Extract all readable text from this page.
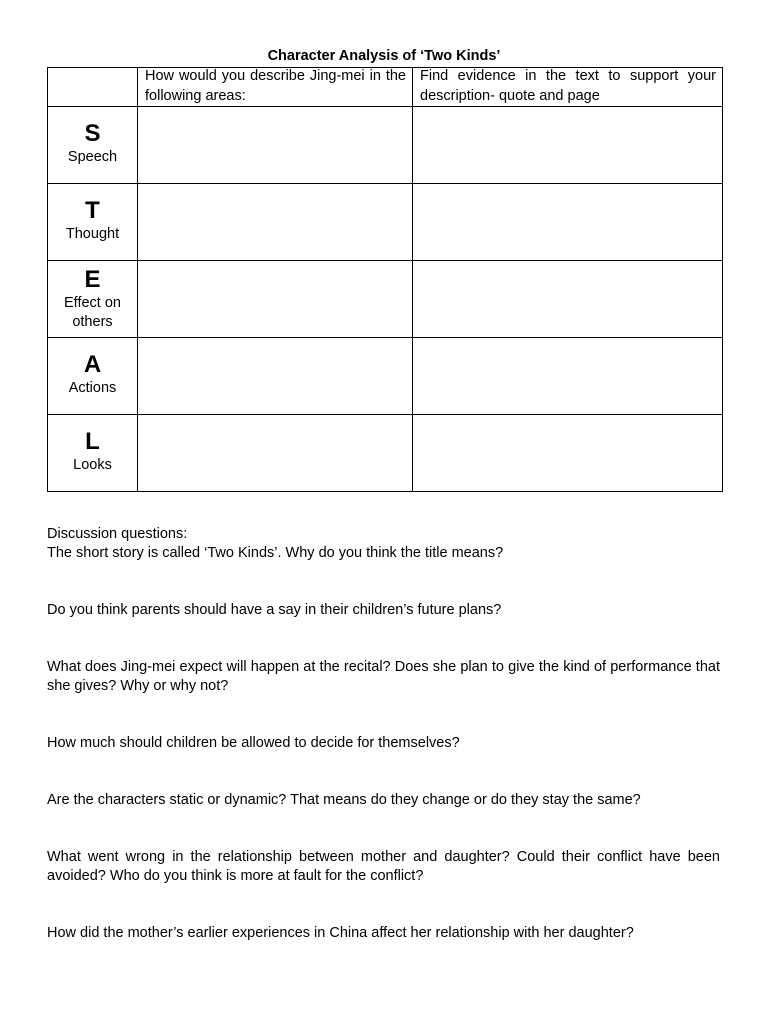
Character Analysis of ‘Two Kinds’

	How would you describe Jing-mei in the following areas:	Find evidence in the text to support your description- quote and page

S
Speech		

T
Thought		

E
Effect on others		

A
Actions		

L
Looks		

Discussion questions:

The short story is called ‘Two Kinds’. Why do you think the title means?

Do you think parents should have a say in their children’s future plans?

What does Jing-mei expect will happen at the recital? Does she plan to give the kind of performance that she gives? Why or why not?

How much should children be allowed to decide for themselves?

Are the characters static or dynamic? That means do they change or do they stay the same?

What went wrong in the relationship between mother and daughter? Could their conflict have been avoided? Who do you think is more at fault for the conflict?

How did the mother’s earlier experiences in China affect her relationship with her daughter?
